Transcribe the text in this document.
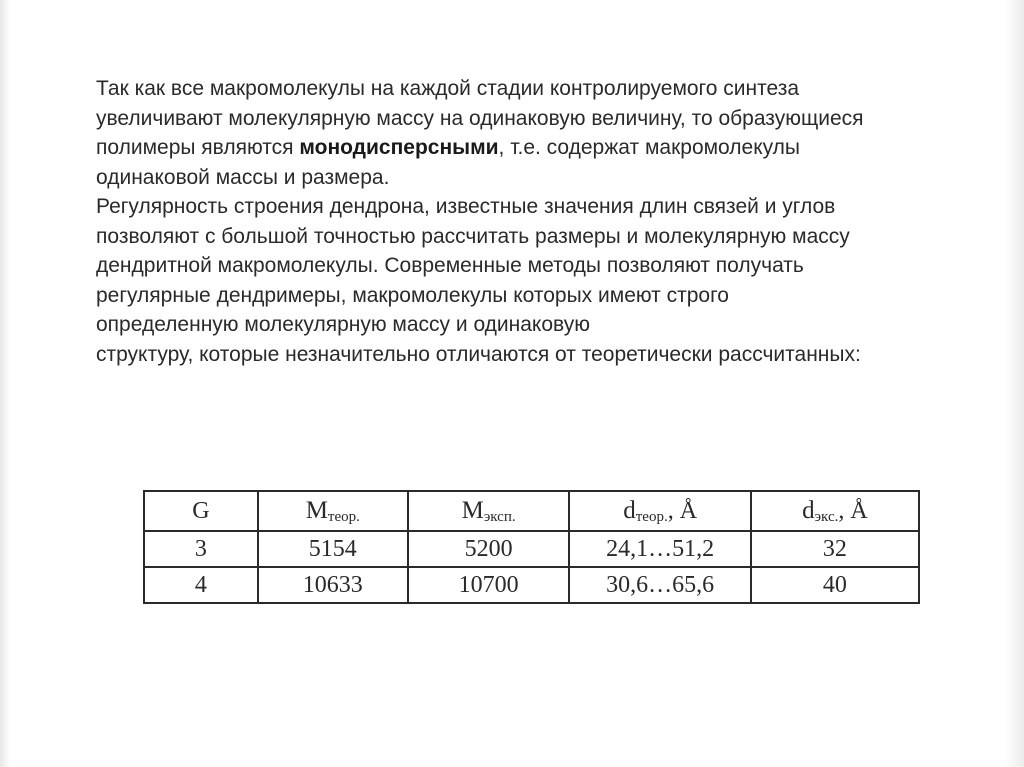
Так как все макромолекулы на каждой стадии контролируемого синтеза
увеличивают молекулярную массу на одинаковую величину, то образующиеся
полимеры являются монодисперсными, т.е. содержат макромолекулы
одинаковой массы и размера.
Регулярность строения дендрона, известные значения длин связей и углов
позволяют с большой точностью рассчитать размеры и молекулярную массу
дендритной макромолекулы. Современные методы позволяют получать
регулярные дендримеры, макромолекулы которых имеют строго
определенную молекулярную массу и одинаковую
структуру, которые незначительно отличаются от теоретически рассчитанных:
G	$M_{теор.}$	$M_{эксп.}$	$d_{теор.}$, Å	$d_{экс.}$, Å
3	5154	5200	24,1…51,2	32
4	10633	10700	30,6…65,6	40
